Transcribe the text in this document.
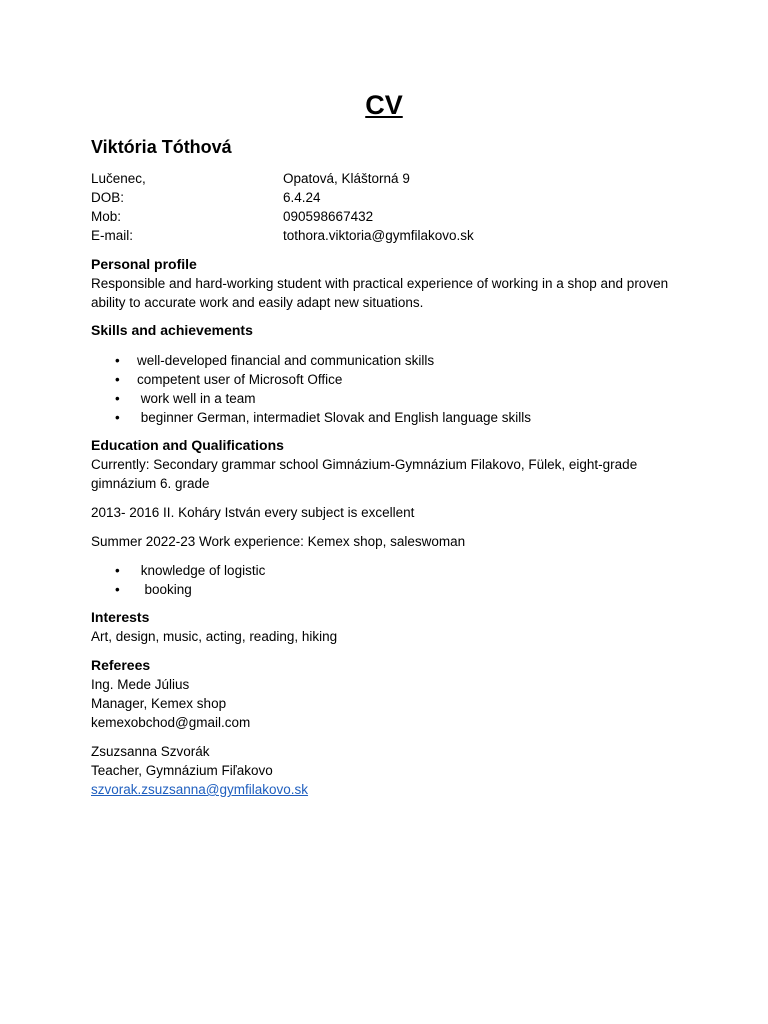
CV
Viktória Tóthová
Lučenec,	Opatová, Kláštorná 9
DOB:	6.4.24
Mob:	090598667432
E-mail:	tothora.viktoria@gymfilakovo.sk
Personal profile

Responsible and hard-working student with practical experience of working in a shop and proven ability to accurate work and easily adapt new situations.

Skills and achievements
• well-developed financial and communication skills
• competent user of Microsoft Office
• work well in a team
• beginner German, intermadiet Slovak and English language skills
Education and Qualifications

Currently: Secondary grammar school Gimnázium-Gymnázium Filakovo, Fülek, eight-grade gimnázium 6. grade

2013- 2016 II. Koháry István every subject is excellent

Summer 2022-23 Work experience: Kemex shop, saleswoman

• knowledge of logistic
• booking
Interests

Art, design, music, acting, reading, hiking

Referees

Ing. Mede Július

Manager, Kemex shop

kemexobchod@gmail.com

Zsuzsanna Szvorák

Teacher, Gymnázium Fiľakovo

szvorak.zsuzsanna@gymfilakovo.sk
